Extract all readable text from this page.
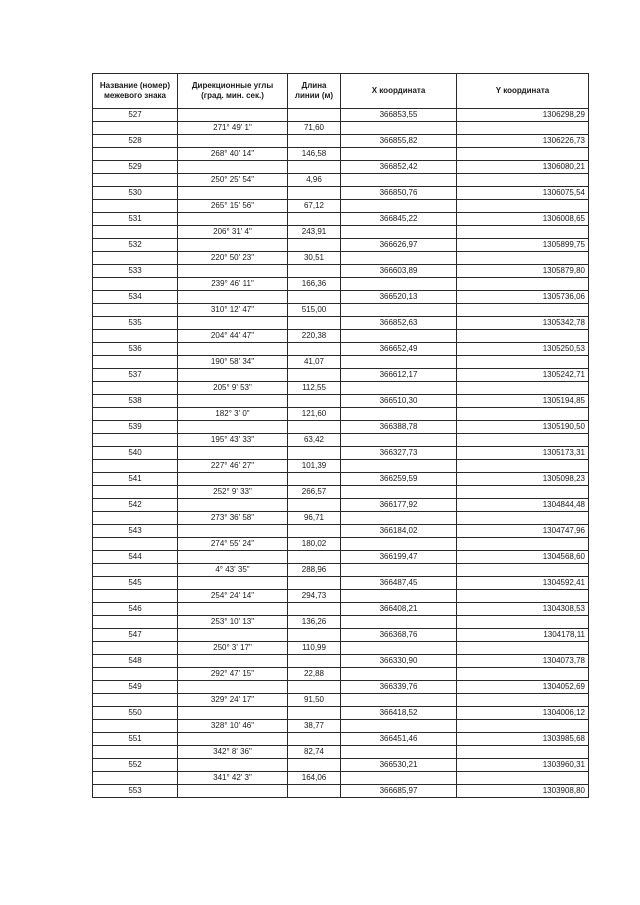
Название (номер) межевого знака	Дирекционные углы (град. мин. сек.)	Длина линии (м)	X координата	Y координата
527			366853,55	1306298,29
	271° 49' 1"	71,60		
528			366855,82	1306226,73
	268° 40' 14"	146,58		
529			366852,42	1306080,21
	250° 25' 54"	4,96		
530			366850,76	1306075,54
	265° 15' 56"	67,12		
531			366845,22	1306008,65
	206° 31' 4"	243,91		
532			366626,97	1305899,75
	220° 50' 23"	30,51		
533			366603,89	1305879,80
	239° 46' 11"	166,36		
534			366520,13	1305736,06
	310° 12' 47"	515,00		
535			366852,63	1305342,78
	204° 44' 47"	220,38		
536			366652,49	1305250,53
	190° 58' 34"	41,07		
537			366612,17	1305242,71
	205° 9' 53"	112,55		
538			366510,30	1305194,85
	182° 3' 0"	121,60		
539			366388,78	1305190,50
	195° 43' 33"	63,42		
540			366327,73	1305173,31
	227° 46' 27"	101,39		
541			366259,59	1305098,23
	252° 9' 33"	266,57		
542			366177,92	1304844,48
	273° 36' 58"	96,71		
543			366184,02	1304747,96
	274° 55' 24"	180,02		
544			366199,47	1304568,60
	4° 43' 35"	288,96		
545			366487,45	1304592,41
	254° 24' 14"	294,73		
546			366408,21	1304308,53
	253° 10' 13"	136,26		
547			366368,76	1304178,11
	250° 3' 17"	110,99		
548			366330,90	1304073,78
	292° 47' 15"	22,88		
549			366339,76	1304052,69
	329° 24' 17"	91,50		
550			366418,52	1304006,12
	328° 10' 46"	38,77		
551			366451,46	1303985,68
	342° 8' 36"	82,74		
552			366530,21	1303960,31
	341° 42' 3"	164,06		
553			366685,97	1303908,80
